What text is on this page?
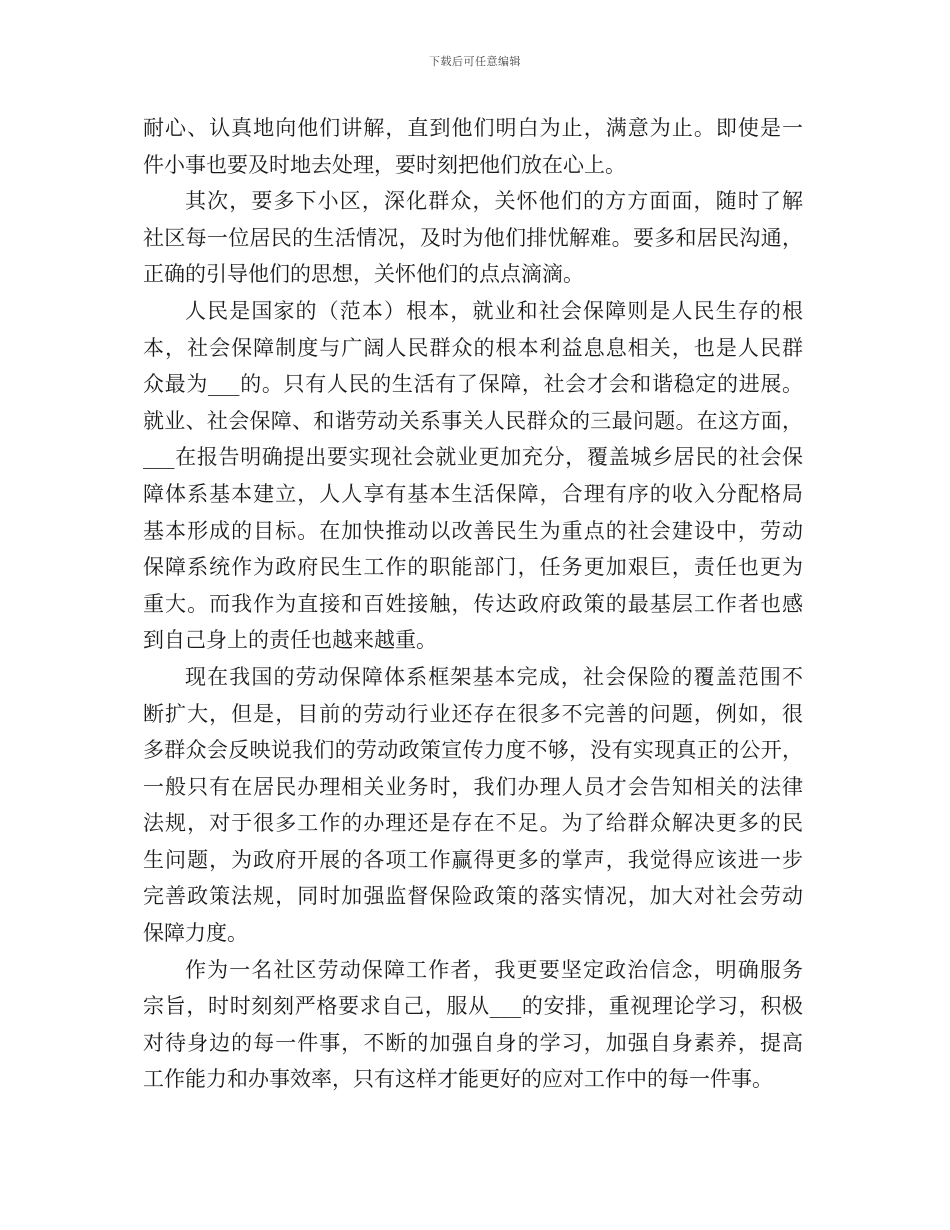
下载后可任意编辑
耐心、认真地向他们讲解，直到他们明白为止，满意为止。即使是一
件小事也要及时地去处理，要时刻把他们放在心上。
其次，要多下小区，深化群众，关怀他们的方方面面，随时了解
社区每一位居民的生活情况，及时为他们排忧解难。要多和居民沟通，
正确的引导他们的思想，关怀他们的点点滴滴。
人民是国家的（范本）根本，就业和社会保障则是人民生存的根
本，社会保障制度与广阔人民群众的根本利益息息相关，也是人民群
众最为___的。只有人民的生活有了保障，社会才会和谐稳定的进展。
就业、社会保障、和谐劳动关系事关人民群众的三最问题。在这方面，
___在报告明确提出要实现社会就业更加充分，覆盖城乡居民的社会保
障体系基本建立，人人享有基本生活保障，合理有序的收入分配格局
基本形成的目标。在加快推动以改善民生为重点的社会建设中，劳动
保障系统作为政府民生工作的职能部门，任务更加艰巨，责任也更为
重大。而我作为直接和百姓接触，传达政府政策的最基层工作者也感
到自己身上的责任也越来越重。
现在我国的劳动保障体系框架基本完成，社会保险的覆盖范围不
断扩大，但是，目前的劳动行业还存在很多不完善的问题，例如，很
多群众会反映说我们的劳动政策宣传力度不够，没有实现真正的公开，
一般只有在居民办理相关业务时，我们办理人员才会告知相关的法律
法规，对于很多工作的办理还是存在不足。为了给群众解决更多的民
生问题，为政府开展的各项工作赢得更多的掌声，我觉得应该进一步
完善政策法规，同时加强监督保险政策的落实情况，加大对社会劳动
保障力度。
作为一名社区劳动保障工作者，我更要坚定政治信念，明确服务
宗旨，时时刻刻严格要求自己，服从___的安排，重视理论学习，积极
对待身边的每一件事，不断的加强自身的学习，加强自身素养，提高
工作能力和办事效率，只有这样才能更好的应对工作中的每一件事。
